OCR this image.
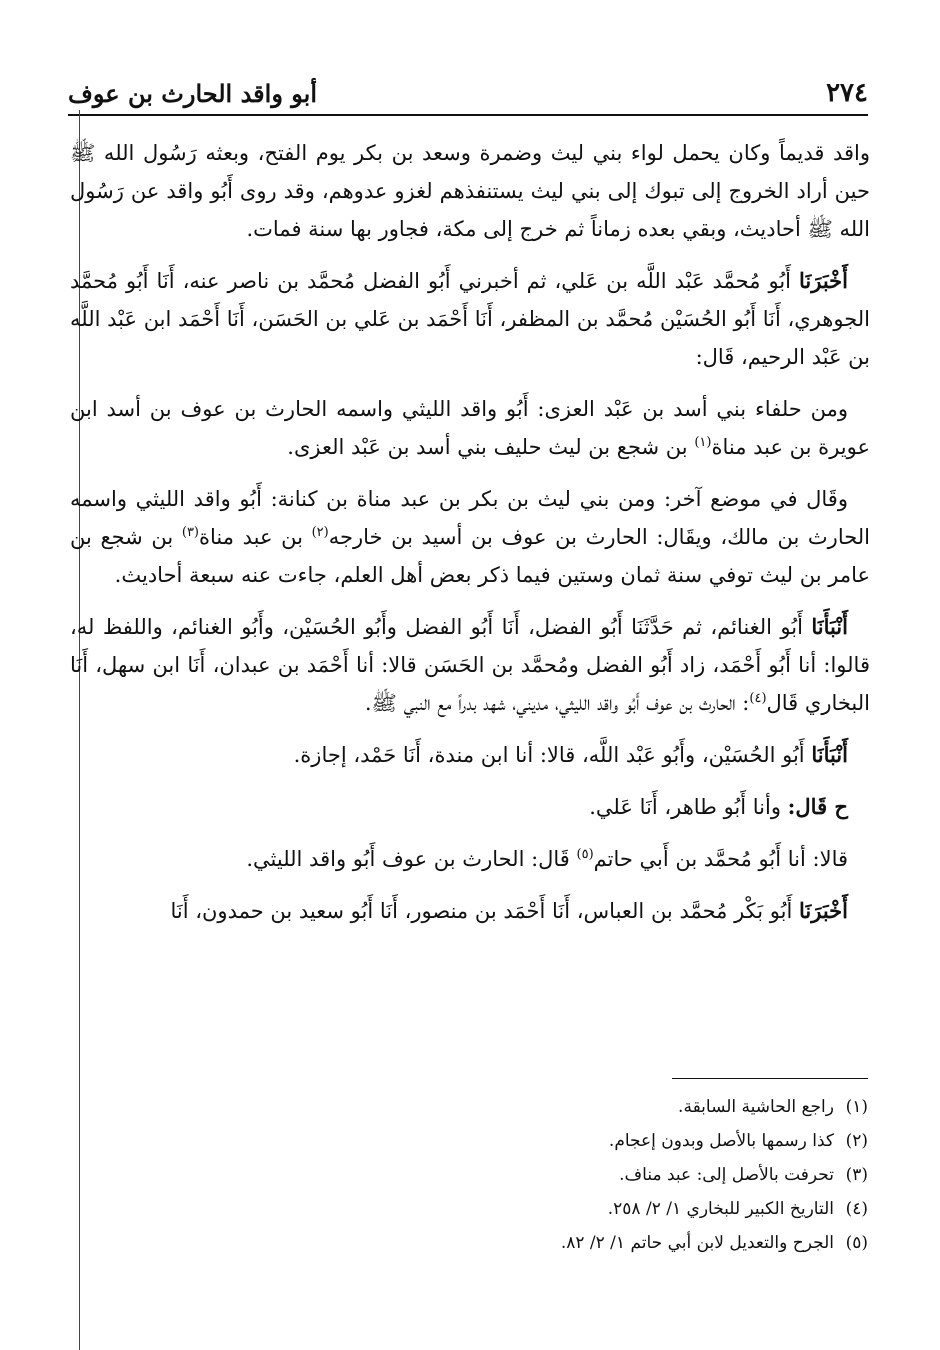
٢٧٤
أبو واقد الحارث بن عوف

واقد قديماً وكان يحمل لواء بني ليث وضمرة وسعد بن بكر يوم الفتح، وبعثه رَسُول الله ﷺ حين أراد الخروج إلى تبوك إلى بني ليث يستنفذهم لغزو عدوهم، وقد روى أَبُو واقد عن رَسُول الله ﷺ أحاديث، وبقي بعده زماناً ثم خرج إلى مكة، فجاور بها سنة فمات.

أَخْبَرَنَا أَبُو مُحمَّد عَبْد اللَّه بن عَلي، ثم أخبرني أَبُو الفضل مُحمَّد بن ناصر عنه، أَنَا أَبُو مُحمَّد الجوهري، أَنَا أَبُو الحُسَيْن مُحمَّد بن المظفر، أَنَا أَحْمَد بن عَلي بن الحَسَن، أَنَا أَحْمَد ابن عَبْد اللَّه بن عَبْد الرحيم، قَال:

ومن حلفاء بني أسد بن عَبْد العزى: أَبُو واقد الليثي واسمه الحارث بن عوف بن أسد ابن عويرة بن عبد مناة$^{(١)}$ بن شجع بن ليث حليف بني أسد بن عَبْد العزى.

وقَال في موضع آخر: ومن بني ليث بن بكر بن عبد مناة بن كنانة: أَبُو واقد الليثي واسمه الحارث بن مالك، ويقَال: الحارث بن عوف بن أسيد بن خارجه$^{(٢)}$ بن عبد مناة$^{(٣)}$ بن شجع بن عامر بن ليث توفي سنة ثمان وستين فيما ذكر بعض أهل العلم، جاءت عنه سبعة أحاديث.

أَنْبَأَنَا أَبُو الغنائم، ثم حَدَّثَنَا أَبُو الفضل، أَنَا أَبُو الفضل وأَبُو الحُسَيْن، وأَبُو الغنائم، واللفظ له، قالوا: أنا أَبُو أَحْمَد، زاد أَبُو الفضل ومُحمَّد بن الحَسَن قالا: أنا أَحْمَد بن عبدان، أَنَا ابن سهل، أَنَا البخاري قَال$^{(٤)}$: الحارث بن عوف أَبُو واقد الليثي، مديني، شهد بدراً مع النبي ﷺ.

أَنْبَأَنَا أَبُو الحُسَيْن، وأَبُو عَبْد اللَّه، قالا: أنا ابن مندة، أَنَا حَمْد، إجازة.

ح قَال: وأنا أَبُو طاهر، أَنَا عَلي.

قالا: أنا أَبُو مُحمَّد بن أَبي حاتم$^{(٥)}$ قَال: الحارث بن عوف أَبُو واقد الليثي.

أَخْبَرَنَا أَبُو بَكْر مُحمَّد بن العباس، أَنَا أَحْمَد بن منصور، أَنَا أَبُو سعيد بن حمدون، أَنَا

(١)
راجع الحاشية السابقة.
(٢)
كذا رسمها بالأصل وبدون إعجام.
(٣)
تحرفت بالأصل إلى: عبد مناف.
(٤)
التاريخ الكبير للبخاري ١/ ٢/ ٢٥٨.
(٥)
الجرح والتعديل لابن أبي حاتم ١/ ٢/ ٨٢.
